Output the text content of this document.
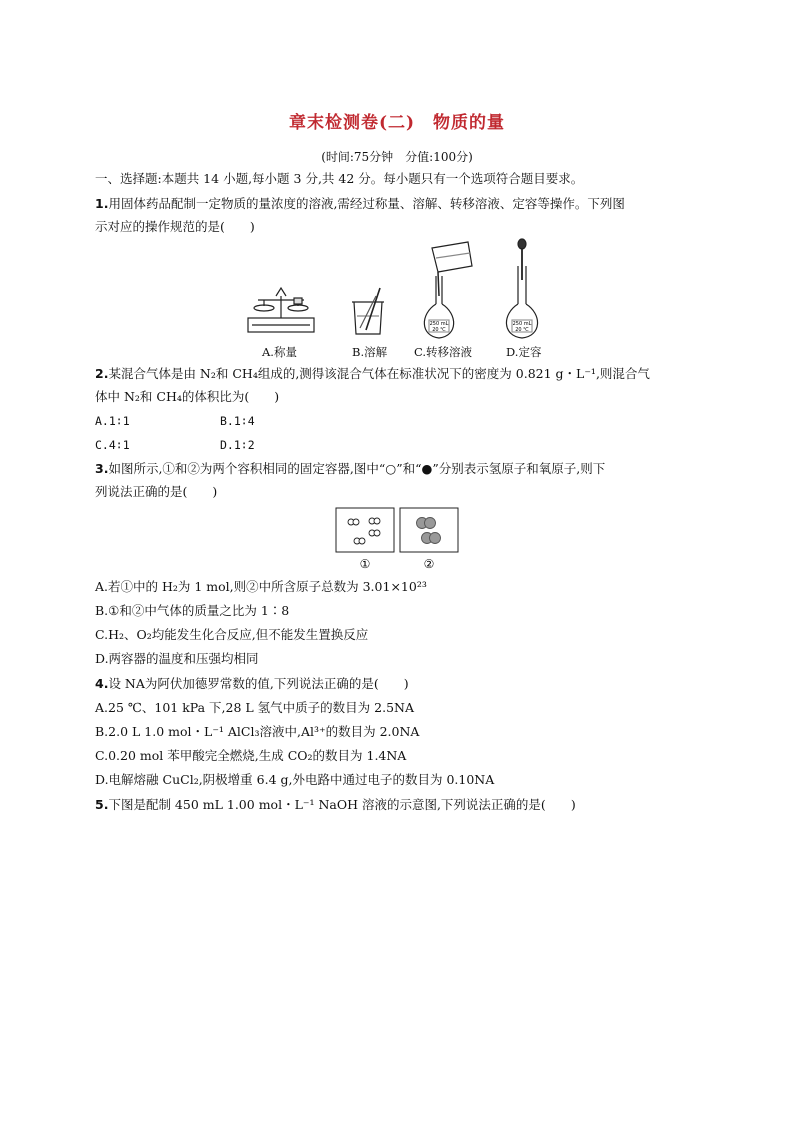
章末检测卷(二)　物质的量
(时间:75分钟　分值:100分)
一、选择题:本题共 14 小题,每小题 3 分,共 42 分。每小题只有一个选项符合题目要求。
1.用固体药品配制一定物质的量浓度的溶液,需经过称量、溶解、转移溶液、定容等操作。下列图
示对应的操作规范的是(　　)
250 mL
20 ℃
250 mL
20 ℃
A.称量	B.溶解 C.转移溶液	D.定容
2.某混合气体是由 N₂和 CH₄组成的,测得该混合气体在标准状况下的密度为 0.821 g・L⁻¹,则混合气
体中 N₂和 CH₄的体积比为(　　)
A.1∶1	B.1∶4
C.4∶1	D.1∶2
3.如图所示,①和②为两个容积相同的固定容器,图中“○”和“●”分别表示氢原子和氧原子,则下
列说法正确的是(　　)
①	②
A.若①中的 H₂为 1 mol,则②中所含原子总数为 3.01×10²³
B.①和②中气体的质量之比为 1∶8
C.H₂、O₂均能发生化合反应,但不能发生置换反应
D.两容器的温度和压强均相同
4.设 NA为阿伏加德罗常数的值,下列说法正确的是(　　)
A.25 ℃、101 kPa 下,28 L 氢气中质子的数目为 2.5NA
B.2.0 L 1.0 mol・L⁻¹ AlCl₃溶液中,Al³⁺的数目为 2.0NA
C.0.20 mol 苯甲酸完全燃烧,生成 CO₂的数目为 1.4NA
D.电解熔融 CuCl₂,阴极增重 6.4 g,外电路中通过电子的数目为 0.10NA
5.下图是配制 450 mL 1.00 mol・L⁻¹ NaOH 溶液的示意图,下列说法正确的是(　　)
